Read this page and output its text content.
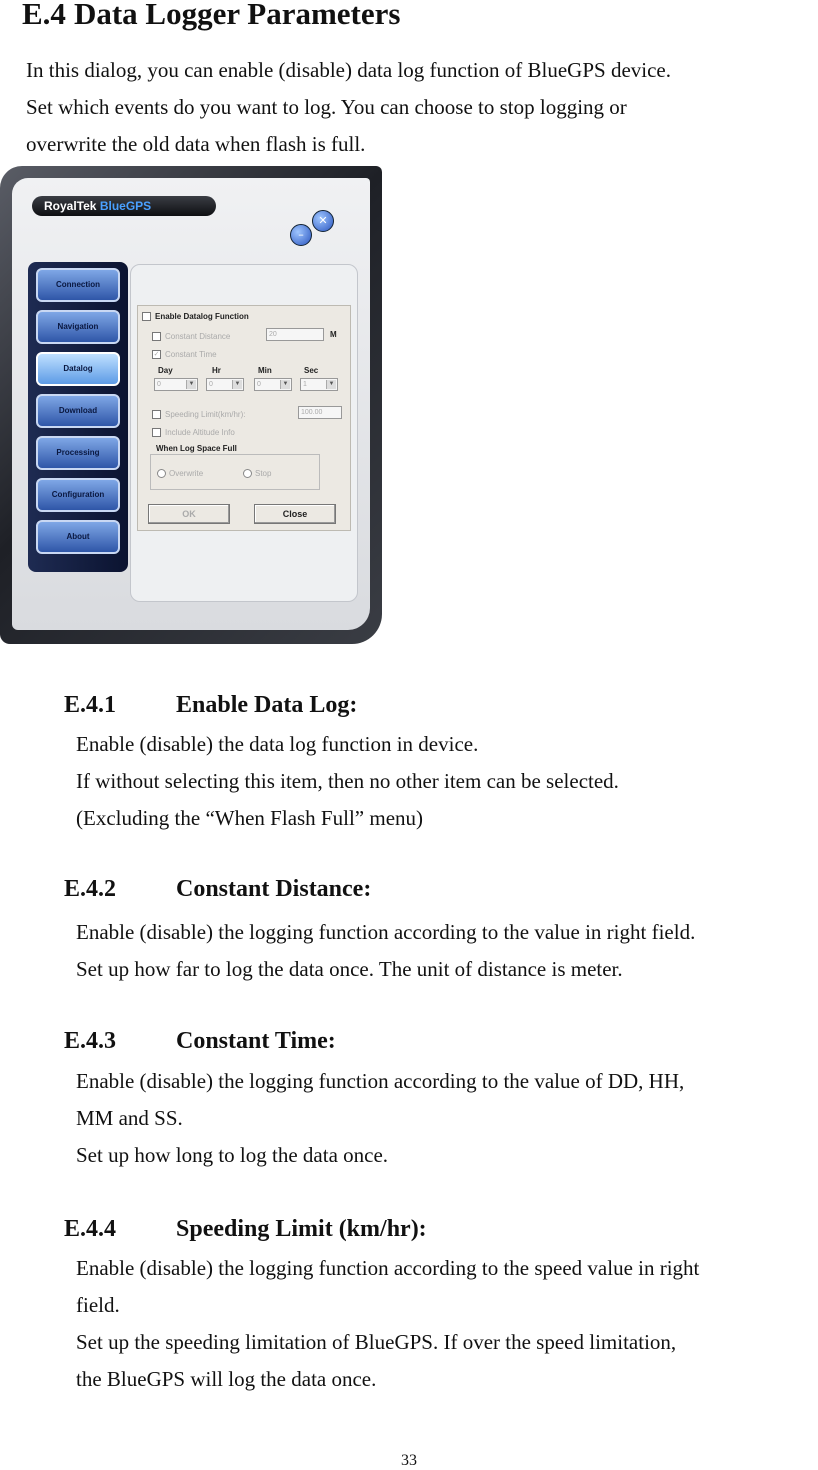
E.4 Data Logger Parameters
In this dialog, you can enable (disable) data log function of BlueGPS device.
Set which events do you want to log. You can choose to stop logging or
overwrite the old data when flash is full.
RoyalTek BlueGPS
–
✕
Connection
Navigation
Datalog
Download
Processing
Configuration
About
Enable Datalog Function
Constant Distance	20	M
✓ Constant Time
Day	Hr	Min	Sec
0	▼	0	▼	0	▼	1	▼
Speeding Limit(km/hr):	100.00
Include Altitude Info
When Log Space Full
Overwrite	Stop
OK	Close
E.4.1 Enable Data Log:
Enable (disable) the data log function in device.
If without selecting this item, then no other item can be selected.
(Excluding the “When Flash Full” menu)
E.4.2 Constant Distance:
Enable (disable) the logging function according to the value in right field.
Set up how far to log the data once. The unit of distance is meter.
E.4.3 Constant Time:
Enable (disable) the logging function according to the value of DD, HH,
MM and SS.
Set up how long to log the data once.
E.4.4 Speeding Limit (km/hr):
Enable (disable) the logging function according to the speed value in right
field.
Set up the speeding limitation of BlueGPS. If over the speed limitation,
the BlueGPS will log the data once.
33
